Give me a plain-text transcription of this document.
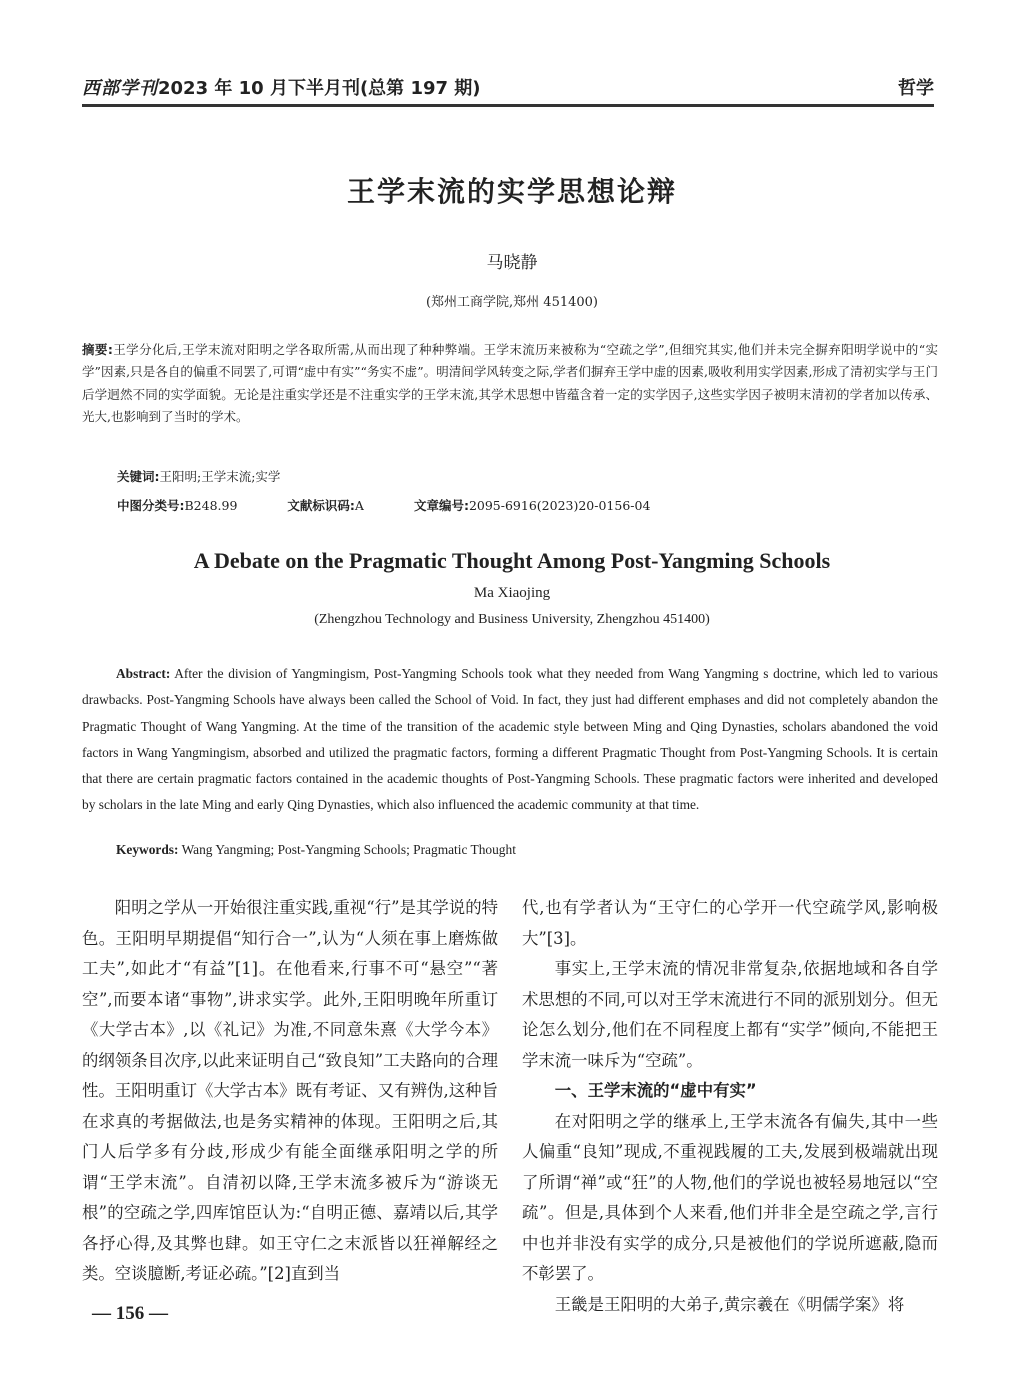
西部学刊2023 年 10 月下半月刊(总第 197 期)	哲学
王学末流的实学思想论辩
马晓静
(郑州工商学院,郑州 451400)
摘要:王学分化后,王学末流对阳明之学各取所需,从而出现了种种弊端。王学末流历来被称为“空疏之学”,但细究其实,他们并未完全摒弃阳明学说中的“实学”因素,只是各自的偏重不同罢了,可谓“虚中有实”“务实不虚”。明清间学风转变之际,学者们摒弃王学中虚的因素,吸收利用实学因素,形成了清初实学与王门后学迥然不同的实学面貌。无论是注重实学还是不注重实学的王学末流,其学术思想中皆蕴含着一定的实学因子,这些实学因子被明末清初的学者加以传承、光大,也影响到了当时的学术。
关键词:王阳明;王学末流;实学
中图分类号:B248.99	文献标识码:A	文章编号:2095-6916(2023)20-0156-04
A Debate on the Pragmatic Thought Among Post-Yangming Schools
Ma Xiaojing
(Zhengzhou Technology and Business University, Zhengzhou 451400)
Abstract: After the division of Yangmingism, Post-Yangming Schools took what they needed from Wang Yangming s doctrine, which led to various drawbacks. Post-Yangming Schools have always been called the School of Void. In fact, they just had different emphases and did not completely abandon the Pragmatic Thought of Wang Yangming. At the time of the transition of the academic style between Ming and Qing Dynasties, scholars abandoned the void factors in Wang Yangmingism, absorbed and utilized the pragmatic factors, forming a different Pragmatic Thought from Post-Yangming Schools. It is certain that there are certain pragmatic factors contained in the academic thoughts of Post-Yangming Schools. These pragmatic factors were inherited and developed by scholars in the late Ming and early Qing Dynasties, which also influenced the academic community at that time.
Keywords: Wang Yangming; Post-Yangming Schools; Pragmatic Thought

阳明之学从一开始很注重实践,重视“行”是其学说的特色。王阳明早期提倡“知行合一”,认为“人须在事上磨炼做工夫”,如此才“有益”[1]。在他看来,行事不可“悬空”“著空”,而要本诸“事物”,讲求实学。此外,王阳明晚年所重订《大学古本》,以《礼记》为准,不同意朱熹《大学今本》的纲领条目次序,以此来证明自己“致良知”工夫路向的合理性。王阳明重订《大学古本》既有考证、又有辨伪,这种旨在求真的考据做法,也是务实精神的体现。王阳明之后,其门人后学多有分歧,形成少有能全面继承阳明之学的所谓“王学末流”。自清初以降,王学末流多被斥为“游谈无根”的空疏之学,四库馆臣认为:“自明正德、嘉靖以后,其学各抒心得,及其弊也肆。如王守仁之末派皆以狂禅解经之类。空谈臆断,考证必疏。”[2]直到当

代,也有学者认为“王守仁的心学开一代空疏学风,影响极大”[3]。

事实上,王学末流的情况非常复杂,依据地域和各自学术思想的不同,可以对王学末流进行不同的派别划分。但无论怎么划分,他们在不同程度上都有“实学”倾向,不能把王学末流一味斥为“空疏”。

一、王学末流的“虚中有实”

在对阳明之学的继承上,王学末流各有偏失,其中一些人偏重“良知”现成,不重视践履的工夫,发展到极端就出现了所谓“禅”或“狂”的人物,他们的学说也被轻易地冠以“空疏”。但是,具体到个人来看,他们并非全是空疏之学,言行中也并非没有实学的成分,只是被他们的学说所遮蔽,隐而不彰罢了。

王畿是王阳明的大弟子,黄宗羲在《明儒学案》将

— 156 —
